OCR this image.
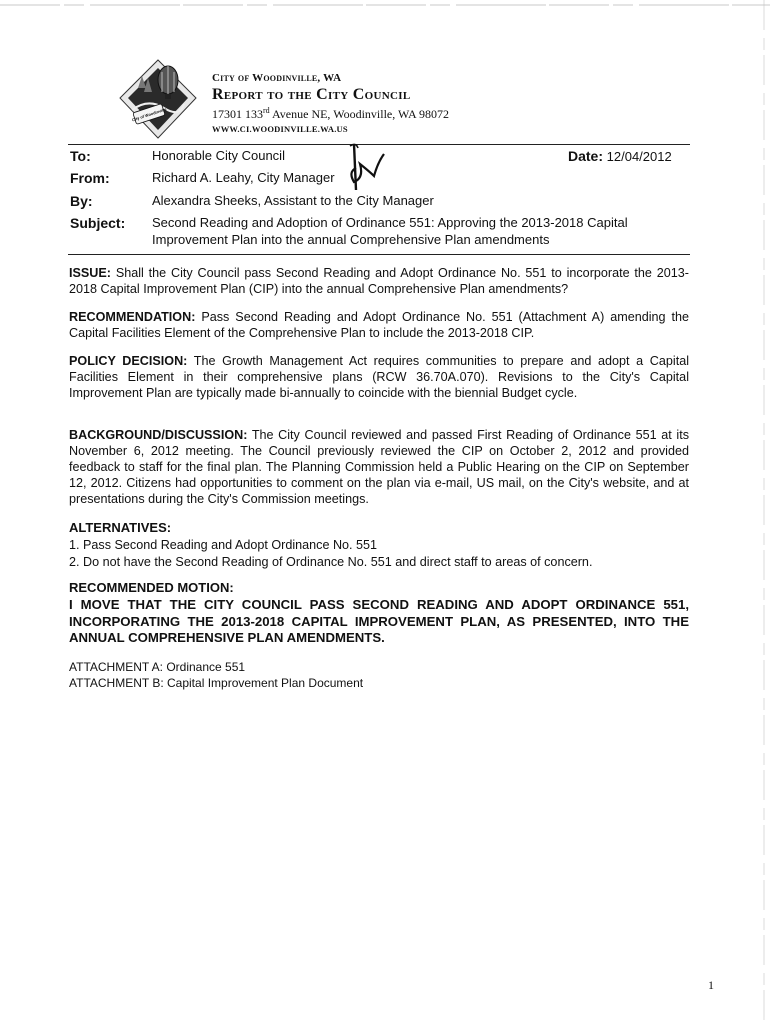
City of Woodinville
City of Woodinville, WA
Report to the City Council
17301 133rd Avenue NE, Woodinville, WA 98072
WWW.CI.WOODINVILLE.WA.US
To:	Honorable City Council	Date: 12/04/2012
From:	Richard A. Leahy, City Manager
By:	Alexandra Sheeks, Assistant to the City Manager
Subject: Second Reading and Adoption of Ordinance 551: Approving the 2013-2018 Capital Improvement Plan into the annual Comprehensive Plan amendments
ISSUE: Shall the City Council pass Second Reading and Adopt Ordinance No. 551 to incorporate the 2013-2018 Capital Improvement Plan (CIP) into the annual Comprehensive Plan amendments?
RECOMMENDATION: Pass Second Reading and Adopt Ordinance No. 551 (Attachment A) amending the Capital Facilities Element of the Comprehensive Plan to include the 2013-2018 CIP.
POLICY DECISION: The Growth Management Act requires communities to prepare and adopt a Capital Facilities Element in their comprehensive plans (RCW 36.70A.070). Revisions to the City's Capital Improvement Plan are typically made bi-annually to coincide with the biennial Budget cycle.
BACKGROUND/DISCUSSION: The City Council reviewed and passed First Reading of Ordinance 551 at its November 6, 2012 meeting. The Council previously reviewed the CIP on October 2, 2012 and provided feedback to staff for the final plan. The Planning Commission held a Public Hearing on the CIP on September 12, 2012. Citizens had opportunities to comment on the plan via e-mail, US mail, on the City's website, and at presentations during the City's Commission meetings.
ALTERNATIVES:
1. Pass Second Reading and Adopt Ordinance No. 551
2. Do not have the Second Reading of Ordinance No. 551 and direct staff to areas of concern.
RECOMMENDED MOTION:
I MOVE THAT THE CITY COUNCIL PASS SECOND READING AND ADOPT ORDINANCE 551, INCORPORATING THE 2013-2018 CAPITAL IMPROVEMENT PLAN, AS PRESENTED, INTO THE ANNUAL COMPREHENSIVE PLAN AMENDMENTS.
ATTACHMENT A: Ordinance 551
ATTACHMENT B: Capital Improvement Plan Document
1
